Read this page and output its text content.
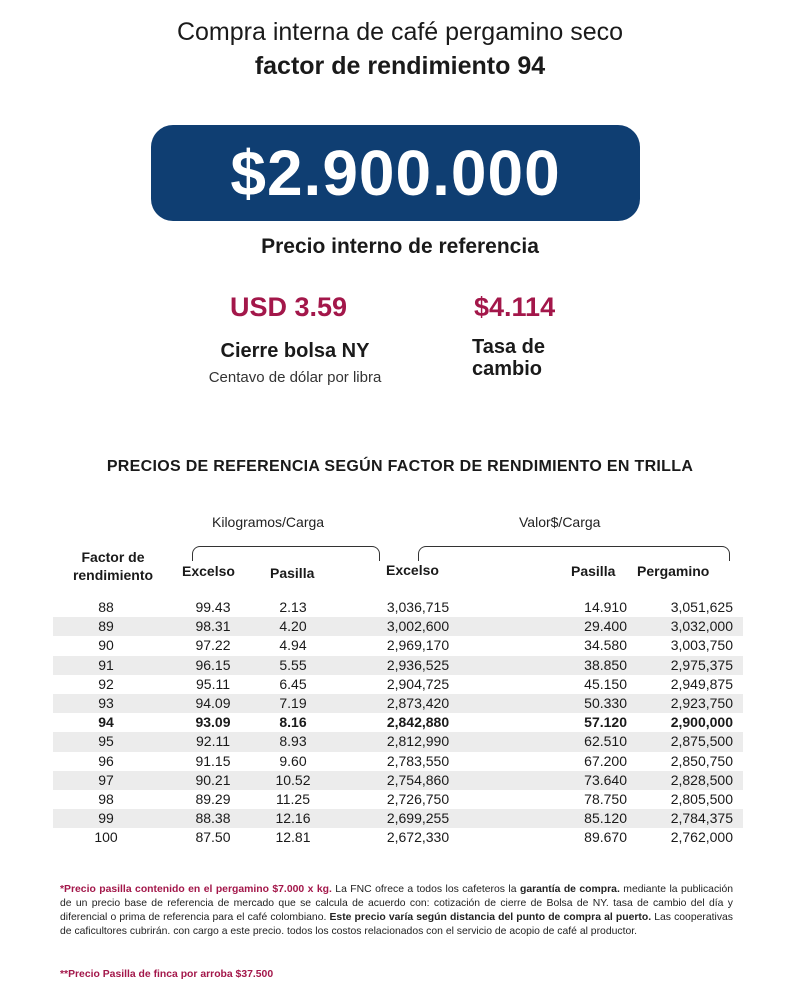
Compra interna de café pergamino seco
factor de rendimiento 94
$2.900.000
Precio interno de referencia
USD 3.59
Cierre bolsa NY
Centavo de dólar por libra
$4.114
Tasa de cambio
PRECIOS DE REFERENCIA SEGÚN FACTOR DE RENDIMIENTO EN TRILLA
Kilogramos/Carga	Valor$/Carga
Factor de rendimiento	Excelso	Pasilla	Excelso	Pasilla Pergamino
88	99.43	2.13	3,036,715	14.910	3,051,625
89	98.31	4.20	3,002,600	29.400	3,032,000
90	97.22	4.94	2,969,170	34.580	3,003,750
91	96.15	5.55	2,936,525	38.850	2,975,375
92	95.11	6.45	2,904,725	45.150	2,949,875
93	94.09	7.19	2,873,420	50.330	2,923,750
94	93.09	8.16	2,842,880	57.120	2,900,000
95	92.11	8.93	2,812,990	62.510	2,875,500
96	91.15	9.60	2,783,550	67.200	2,850,750
97	90.21	10.52	2,754,860	73.640	2,828,500
98	89.29	11.25	2,726,750	78.750	2,805,500
99	88.38	12.16	2,699,255	85.120	2,784,375
100	87.50	12.81	2,672,330	89.670	2,762,000
*Precio pasilla contenido en el pergamino $7.000 x kg. La FNC ofrece a todos los cafeteros la garantía de compra. mediante la publicación de un precio base de referencia de mercado que se calcula de acuerdo con: cotización de cierre de Bolsa de NY. tasa de cambio del día y diferencial o prima de referencia para el café colombiano. Este precio varía según distancia del punto de compra al puerto. Las cooperativas de caficultores cubrirán. con cargo a este precio. todos los costos relacionados con el servicio de acopio de café al productor.
**Precio Pasilla de finca por arroba $37.500
